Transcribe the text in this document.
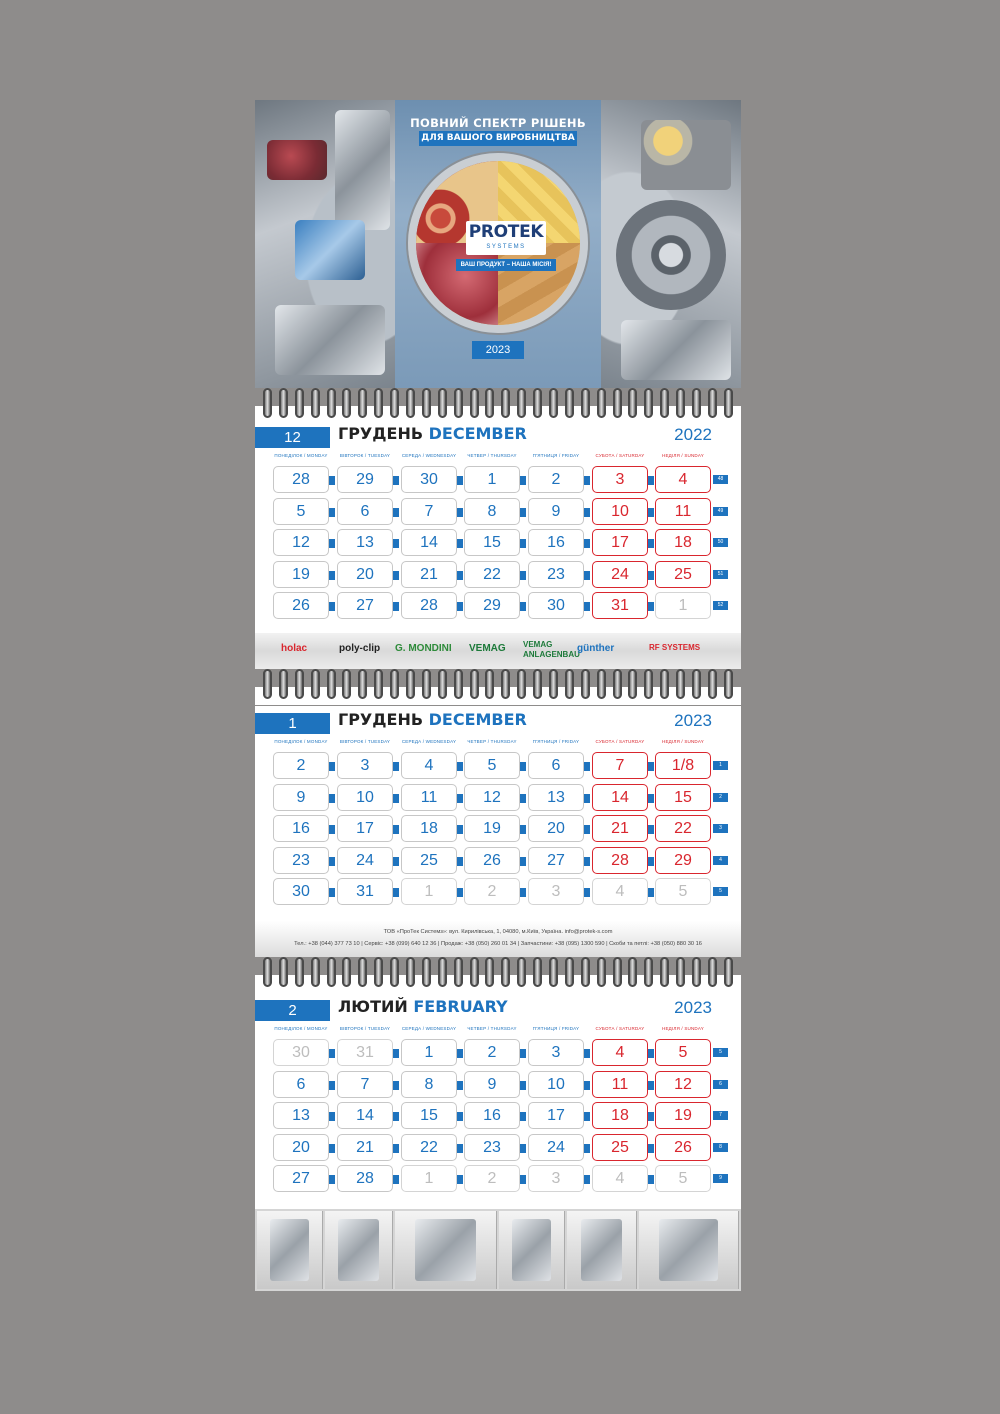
ПОВНИЙ СПЕКТР РІШЕНЬ
ДЛЯ ВАШОГО ВИРОБНИЦТВА
PROTEK
SYSTEMS
ВАШ ПРОДУКТ – НАША МІСІЯ!
2023
12	ГРУДЕНЬ DECEMBER	2022
ПОНЕДІЛОК / MONDAY	ВІВТОРОК / TUESDAY	СЕРЕДА / WEDNESDAY	ЧЕТВЕР / THURSDAY	П'ЯТНИЦЯ / FRIDAY	СУБОТА / SATURDAY	НЕДІЛЯ / SUNDAY
28	29	30	1	2	3	4	48
5	6	7	8	9	10	11	49
12	13	14	15	16	17	18	50
19	20	21	22	23	24	25	51
26	27	28	29	30	31	1	52
1	ГРУДЕНЬ DECEMBER	2023
ПОНЕДІЛОК / MONDAY	ВІВТОРОК / TUESDAY	СЕРЕДА / WEDNESDAY	ЧЕТВЕР / THURSDAY	П'ЯТНИЦЯ / FRIDAY	СУБОТА / SATURDAY	НЕДІЛЯ / SUNDAY
2	3	4	5	6	7	1/8	1
9	10	11	12	13	14	15	2
16	17	18	19	20	21	22	3
23	24	25	26	27	28	29	4
30	31	1	2	3	4	5	5
2	ЛЮТИЙ FEBRUARY	2023
ПОНЕДІЛОК / MONDAY	ВІВТОРОК / TUESDAY	СЕРЕДА / WEDNESDAY	ЧЕТВЕР / THURSDAY	П'ЯТНИЦЯ / FRIDAY	СУБОТА / SATURDAY	НЕДІЛЯ / SUNDAY
30	31	1	2	3	4	5	5
6	7	8	9	10	11	12	6
13	14	15	16	17	18	19	7
20	21	22	23	24	25	26	8
27	28	1	2	3	4	5	9
holac	poly-clip G. MONDINI VEMAG VEMAG ANLAGENBAU
günther	RF SYSTEMS
ТОВ «ПроТек Системз»: вул. Кирилівська, 1, 04080, м.Київ, Україна. info@protek-s.com
Тел.: +38 (044) 377 73 10 | Сервіс: +38 (099) 640 12 36 | Продаж: +38 (050) 260 01 34 | Запчастини: +38 (095) 1300 590 | Скоби та петлі: +38 (050) 880 30 16
